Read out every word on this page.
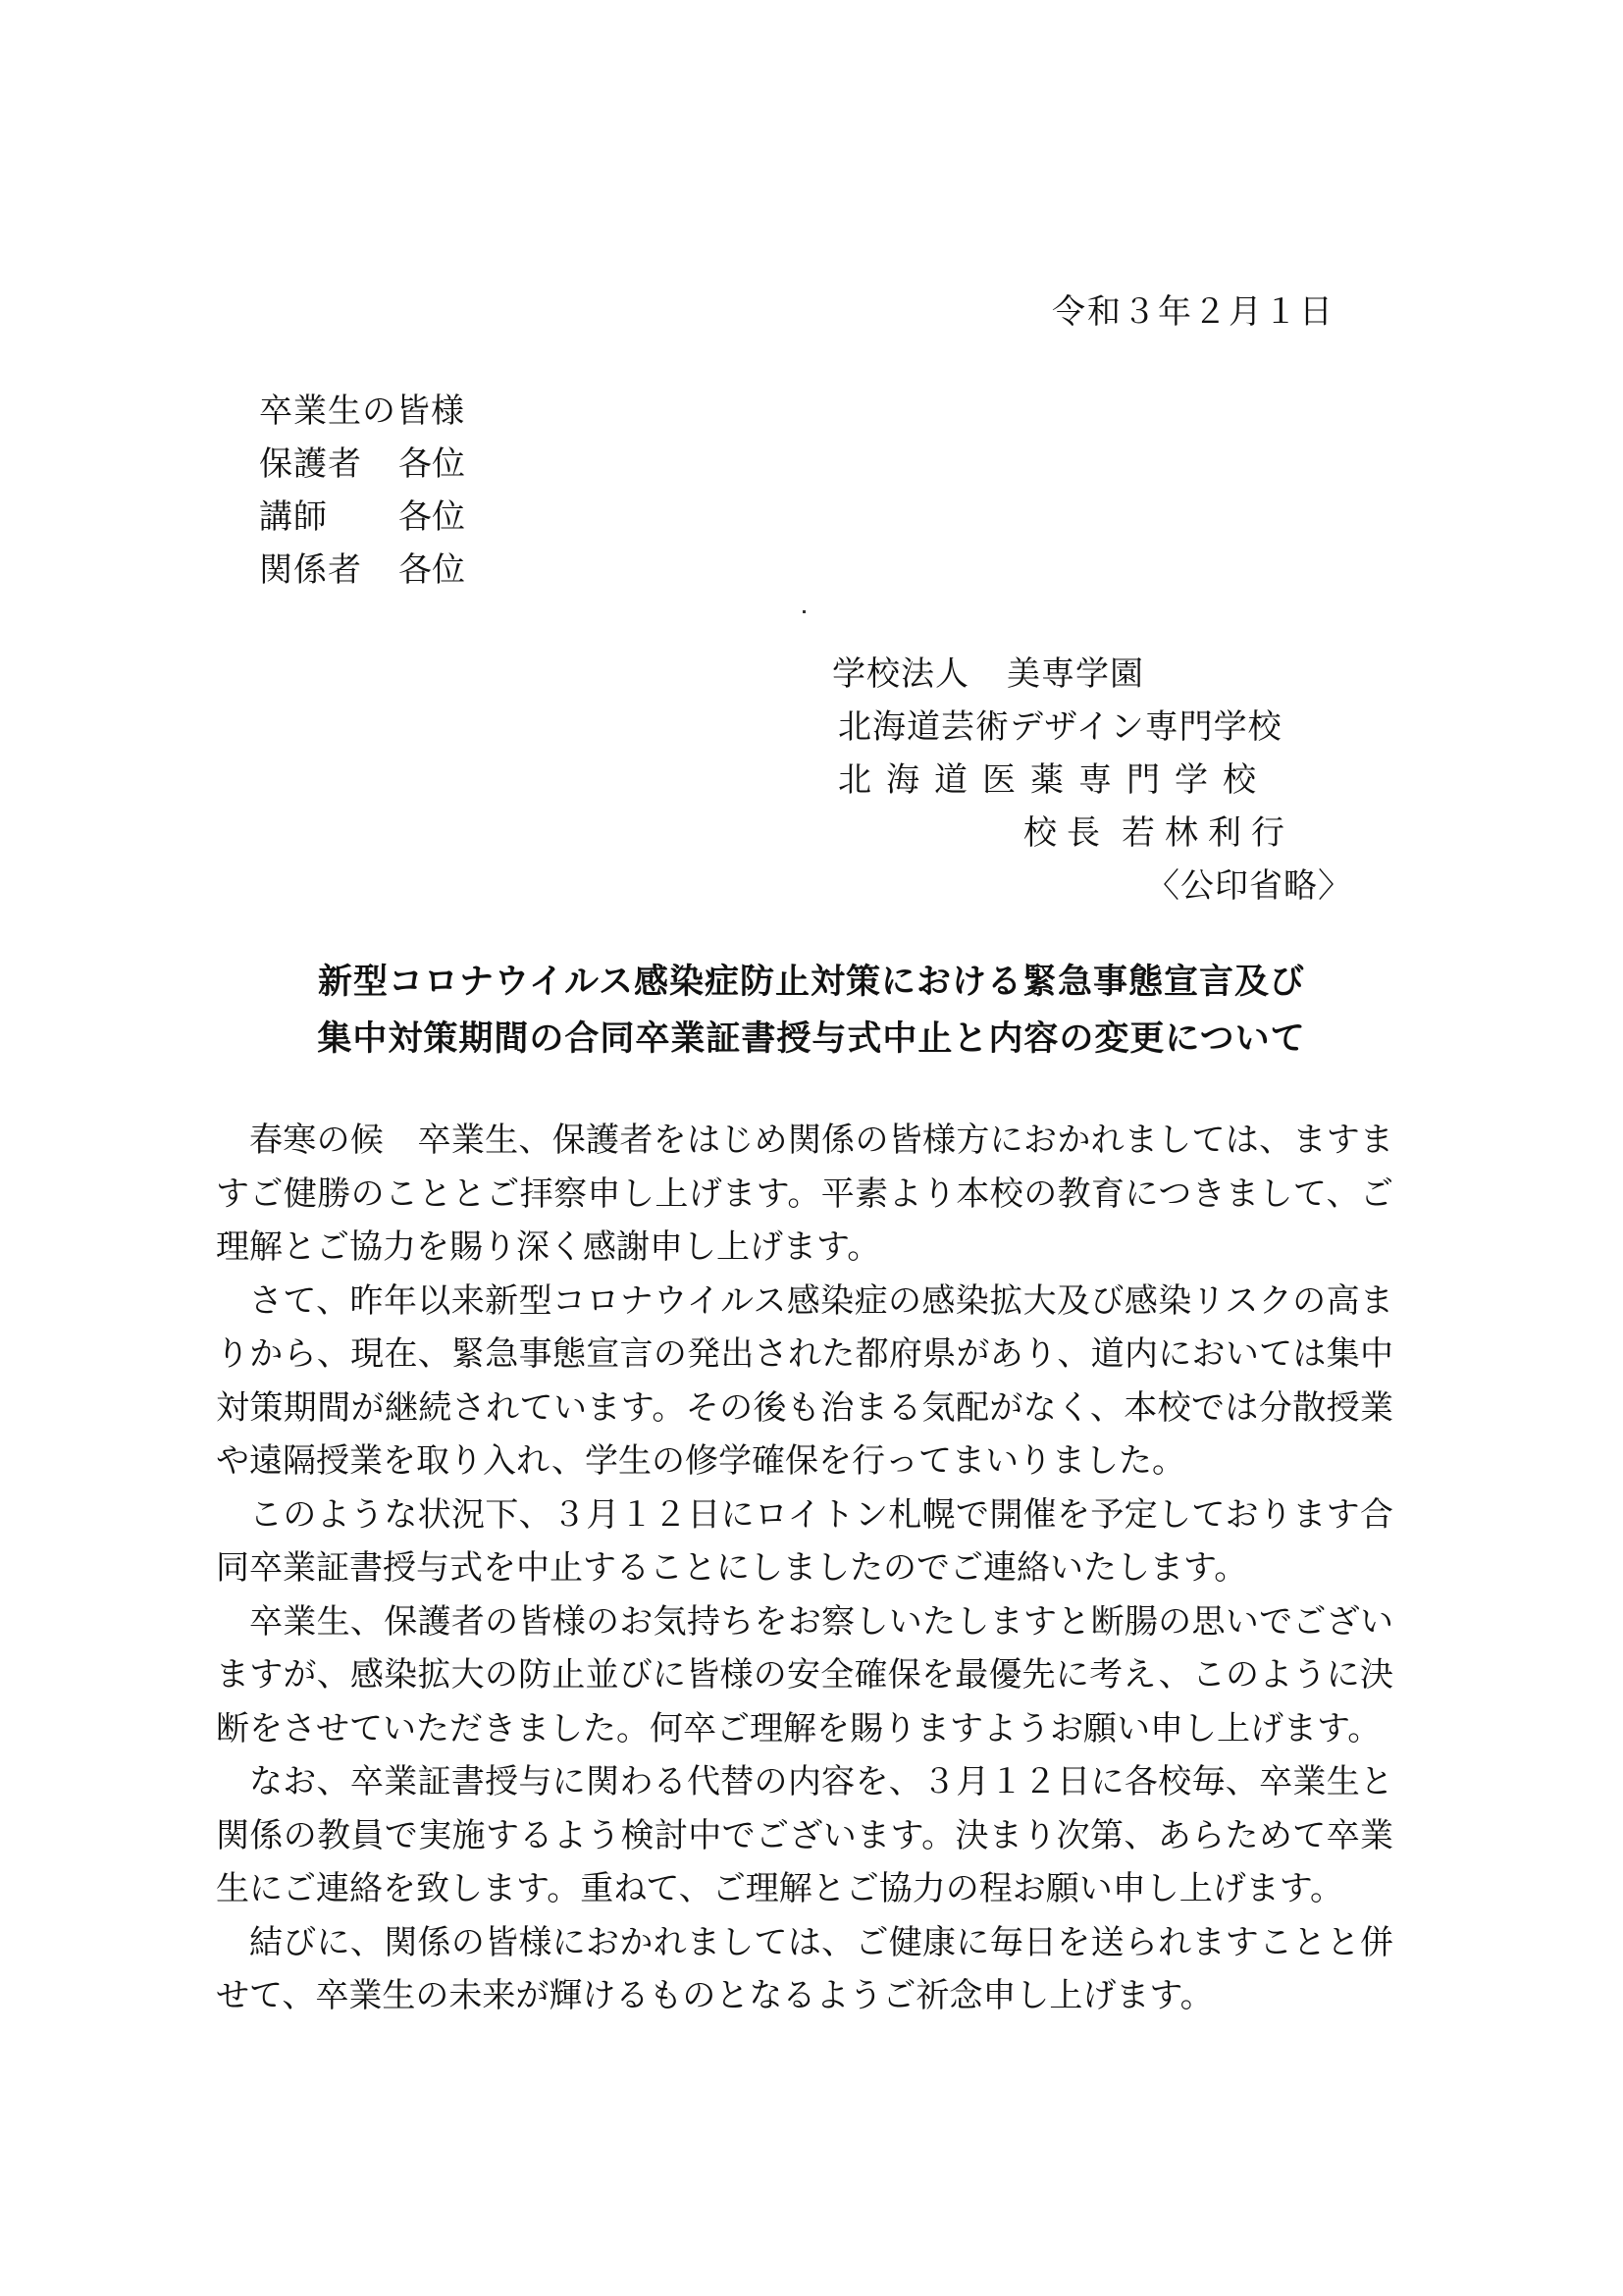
令和３年２月１日
卒業生の皆様
保護者	各位
講師	各位
関係者	各位
学校法人 美専学園
北海道芸術デザイン専門学校
北海道医薬専門学校
校長 若林利行
〈公印省略〉
新型コロナウイルス感染症防止対策における緊急事態宣言及び
集中対策期間の合同卒業証書授与式中止と内容の変更について

春寒の候　卒業生、保護者をはじめ関係の皆様方におかれましては、ますますご健勝のこととご拝察申し上げます。平素より本校の教育につきまして、ご理解とご協力を賜り深く感謝申し上げます。

さて、昨年以来新型コロナウイルス感染症の感染拡大及び感染リスクの高まりから、現在、緊急事態宣言の発出された都府県があり、道内においては集中対策期間が継続されています。その後も治まる気配がなく、本校では分散授業や遠隔授業を取り入れ、学生の修学確保を行ってまいりました。

このような状況下、３月１２日にロイトン札幌で開催を予定しております合同卒業証書授与式を中止することにしましたのでご連絡いたします。

卒業生、保護者の皆様のお気持ちをお察しいたしますと断腸の思いでございますが、感染拡大の防止並びに皆様の安全確保を最優先に考え、このように決断をさせていただきました。何卒ご理解を賜りますようお願い申し上げます。

なお、卒業証書授与に関わる代替の内容を、３月１２日に各校毎、卒業生と関係の教員で実施するよう検討中でございます。決まり次第、あらためて卒業生にご連絡を致します。重ねて、ご理解とご協力の程お願い申し上げます。

結びに、関係の皆様におかれましては、ご健康に毎日を送られますことと併せて、卒業生の未来が輝けるものとなるようご祈念申し上げます。
